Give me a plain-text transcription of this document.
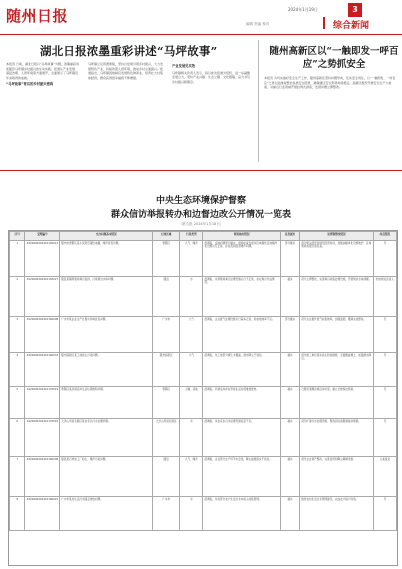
随州日报	2024年1月19日
编辑 责编 校对
3
综合新闻
湖北日报浓墨重彩讲述“马坪故事”
本报讯 日前，湖北日报以“马坪故事”为题，浓墨重彩讲述随县马坪镇乡村振兴的生动实践。报道从产业发展、基层治理、人居环境等方面展开，全面展示了马坪镇近年来取得的成就。
“马坪故事”背后的乡村振兴密码
马坪镇立足资源禀赋，坚持以党建引领乡村振兴，大力发展特色产业，持续改善人居环境，推动乡村全面振兴。报道指出，马坪镇因地制宜发展特色种养业，培育壮大村集体经济，群众获得感幸福感不断增强。
产业发展见实效
马坪镇相关负责人表示，将以此次报道为契机，进一步凝聚发展合力，坚持产业兴镇、生态立镇、文化强镇，奋力书写乡村振兴新篇章。
随州高新区以“一触即发一呼百应”之势抓安全
本报讯 为切实做好安全生产工作，随州高新区坚持问题导向，压实安全责任，以“一触即发、一呼百应”之势全面排查整治各类安全隐患，确保辖区安全形势持续稳定。高新区组织开展安全生产大检查，对重点行业领域开展拉网式排查，发现问题立即整改。
中央生态环境保护督察
群众信访举报转办和边督边改公开情况一览表
（第九批 2024年1月18日）
序号	受理编号	交办问题基本情况	行政区域	污染类型	调查核实情况	是否属实	处理和整改情况	问责情况
1	X420000202401150012	随州市曾都区某小区附近餐饮油烟、噪声扰民问题。	曾都区	大气、噪声	经调查，反映问题部分属实。现场检查发现该区域餐饮店油烟净化设施运行正常，存在夜间经营噪声问题。	部分属实	责令相关经营者规范经营时间，加强油烟净化设施维护，区城管局加强日常巡查。	无
2	X420000202401150027	随县某镇养殖场粪污直排，污染周边水体问题。	随县	水	经调查，该养殖场粪污处理设施运行不正常，存在粪污外溢情况。	属实	责令立即整改，完善粪污收集处理设施，开展周边水体清理。	约谈相关负责人
3	X420000202401160008	广水市某企业生产过程中异味扰民问题。	广水市	大气	经调查，企业废气处理设施运行基本正常，但收集效率不足。	部分属实	责令企业提升废气收集效率，加强监测，限期完成整改。	无
4	X420000202401160033	随州高新区某工地扬尘污染问题。	随州高新区	大气	经调查，该工地部分裸土未覆盖，洒水降尘不到位。	属实	责令施工单位落实扬尘防控措施，全面覆盖裸土，加强洒水降尘。	无
5	X420000202401170019	曾都区某河道沿岸生活垃圾堆积问题。	曾都区	土壤、其他	经调查，河道沿岸存在零星生活垃圾堆放现象。	属实	已组织清理河道沿岸垃圾，建立长效保洁机制。	无
6	X420000202401170041	大洪山风景名胜区某农家乐污水处理问题。	大洪山风景名胜区	水	经调查，该农家乐污水处理设施容量不足。	属实	责令扩建污水处理设施，整改到位前限制接待规模。	无
7	X420000202401180006	随县某石材加工厂粉尘、噪声污染问题。	随县	大气、噪声	经调查，企业部分生产环节未密闭，降尘措施落实不到位。	属实	责令企业停产整改，完善密闭和降尘降噪设施。	立案查处
8	X420000202401180022	广水市某村生活污水随意排放问题。	广水市	水	经调查，该村部分农户生活污水未接入收集管网。	属实	推进农村生活污水管网建设，完成农户接户改造。	无
